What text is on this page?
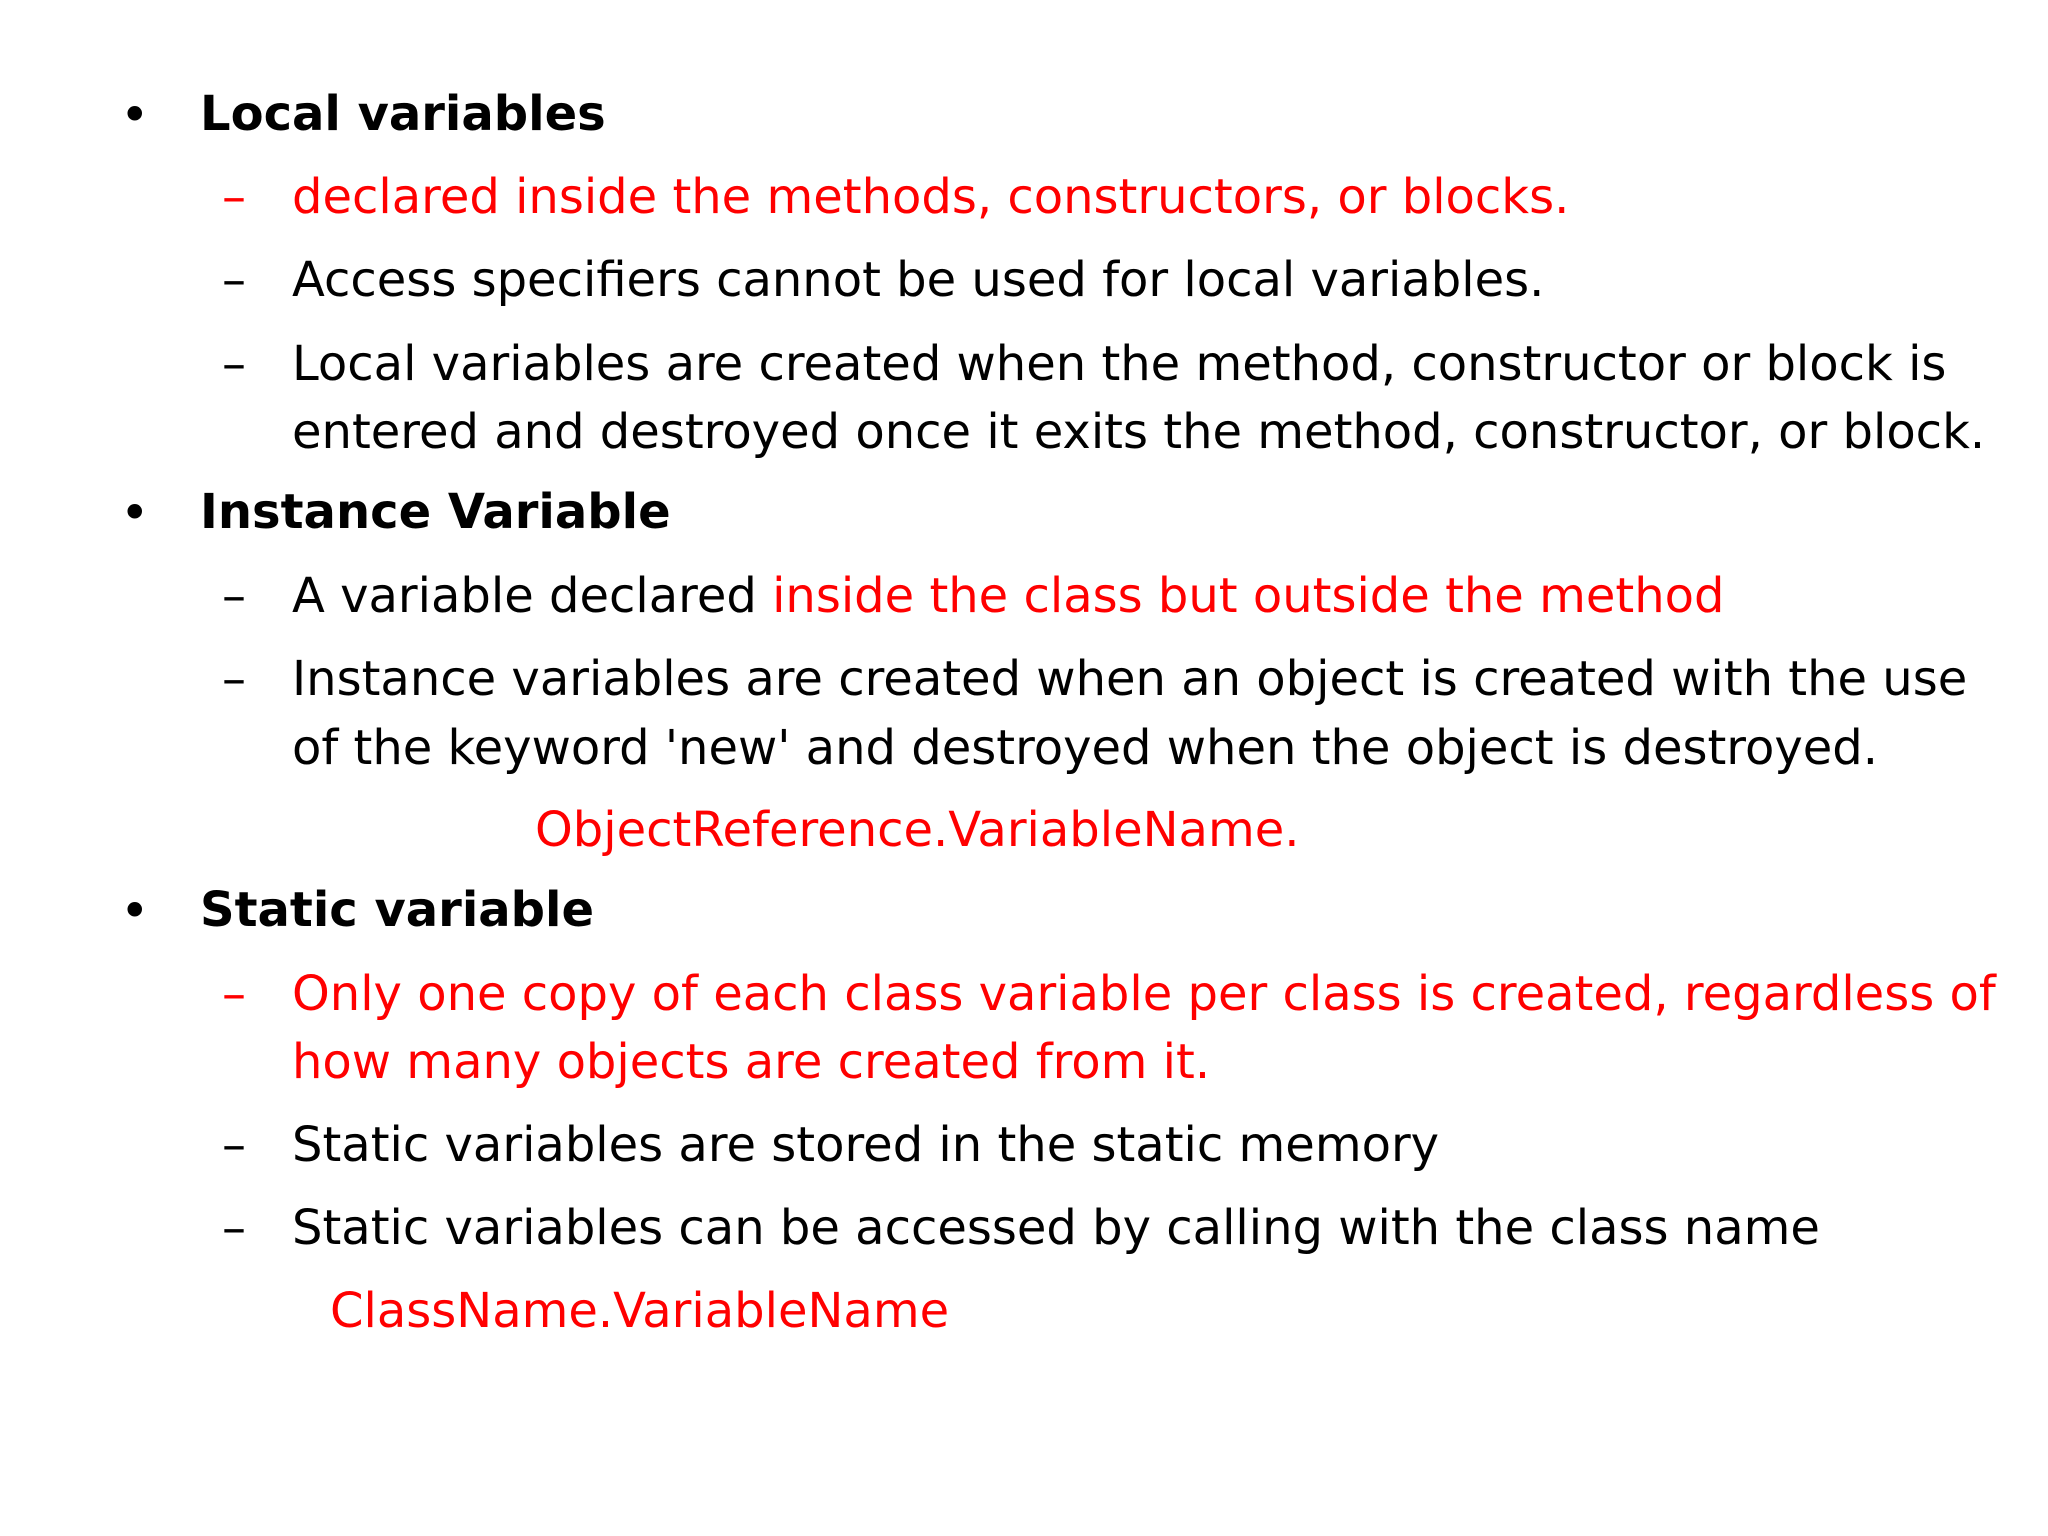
• Local variables
– declared inside the methods, constructors, or blocks.
– Access specifiers cannot be used for local variables.
– Local variables are created when the method, constructor or block is
entered and destroyed once it exits the method, constructor, or block.
• Instance Variable
– A variable declared inside the class but outside the method
– Instance variables are created when an object is created with the use
of the keyword 'new' and destroyed when the object is destroyed.
ObjectReference.VariableName.
• Static variable
– Only one copy of each class variable per class is created, regardless of
how many objects are created from it.
– Static variables are stored in the static memory
– Static variables can be accessed by calling with the class name
ClassName.VariableName
